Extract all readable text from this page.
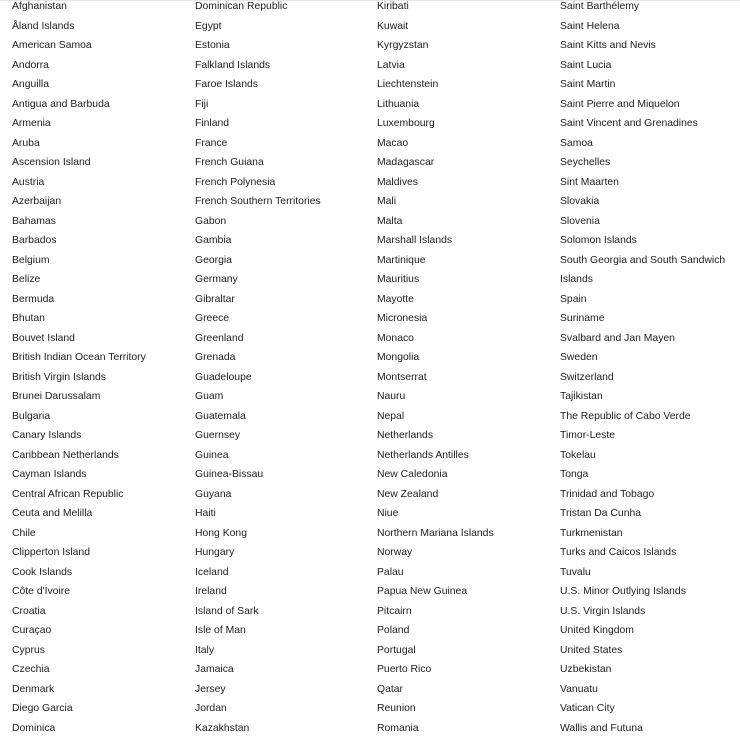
Afghanistan
Åland Islands
American Samoa
Andorra
Anguilla
Antigua and Barbuda
Armenia
Aruba
Ascension Island
Austria
Azerbaijan
Bahamas
Barbados
Belgium
Belize
Bermuda
Bhutan
Bouvet Island
British Indian Ocean Territory
British Virgin Islands
Brunei Darussalam
Bulgaria
Canary Islands
Caribbean Netherlands
Cayman Islands
Central African Republic
Ceuta and Melilla
Chile
Clipperton Island
Cook Islands
Côte d'Ivoire
Croatia
Curaçao
Cyprus
Czechia
Denmark
Diego Garcia
Dominica
Dominican Republic
Egypt
Estonia
Falkland Islands
Faroe Islands
Fiji
Finland
France
French Guiana
French Polynesia
French Southern Territories
Gabon
Gambia
Georgia
Germany
Gibraltar
Greece
Greenland
Grenada
Guadeloupe
Guam
Guatemala
Guernsey
Guinea
Guinea-Bissau
Guyana
Haiti
Hong Kong
Hungary
Iceland
Ireland
Island of Sark
Isle of Man
Italy
Jamaica
Jersey
Jordan
Kazakhstan
Kiribati
Kuwait
Kyrgyzstan
Latvia
Liechtenstein
Lithuania
Luxembourg
Macao
Madagascar
Maldives
Mali
Malta
Marshall Islands
Martinique
Mauritius
Mayotte
Micronesia
Monaco
Mongolia
Montserrat
Nauru
Nepal
Netherlands
Netherlands Antilles
New Caledonia
New Zealand
Niue
Northern Mariana Islands
Norway
Palau
Papua New Guinea
Pitcairn
Poland
Portugal
Puerto Rico
Qatar
Reunion
Romania
Saint Barthélemy
Saint Helena
Saint Kitts and Nevis
Saint Lucia
Saint Martin
Saint Pierre and Miquelon
Saint Vincent and Grenadines
Samoa
Seychelles
Sint Maarten
Slovakia
Slovenia
Solomon Islands
South Georgia and South Sandwich
Islands
Spain
Suriname
Svalbard and Jan Mayen
Sweden
Switzerland
Tajikistan
The Republic of Cabo Verde
Timor-Leste
Tokelau
Tonga
Trinidad and Tobago
Tristan Da Cunha
Turkmenistan
Turks and Caicos Islands
Tuvalu
U.S. Minor Outlying Islands
U.S. Virgin Islands
United Kingdom
United States
Uzbekistan
Vanuatu
Vatican City
Wallis and Futuna
